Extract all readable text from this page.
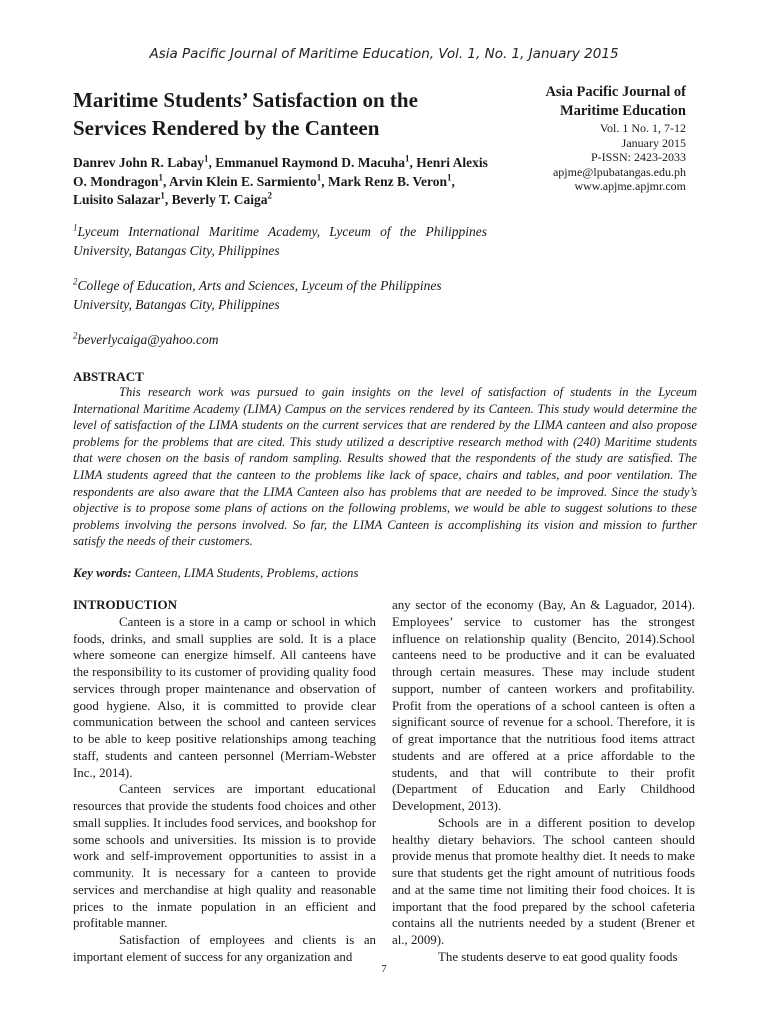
Asia Pacific Journal of Maritime Education, Vol. 1, No. 1, January 2015
Maritime Students’ Satisfaction on the Services Rendered by the Canteen
Asia Pacific Journal of Maritime Education
Vol. 1 No. 1, 7-12
January 2015
P-ISSN: 2423-2033
apjme@lpubatangas.edu.ph
www.apjme.apjmr.com
Danrev John R. Labay$^1$, Emmanuel Raymond D. Macuha$^1$, Henri Alexis O. Mondragon$^1$, Arvin Klein E. Sarmiento$^1$, Mark Renz B. Veron$^1$, Luisito Salazar$^1$, Beverly T. Caiga$^2$
$^1$Lyceum International Maritime Academy, Lyceum of the Philippines University, Batangas City, Philippines
$^2$College of Education, Arts and Sciences, Lyceum of the Philippines University, Batangas City, Philippines
$^2$beverlycaiga@yahoo.com
ABSTRACT

This research work was pursued to gain insights on the level of satisfaction of students in the Lyceum International Maritime Academy (LIMA) Campus on the services rendered by its Canteen. This study would determine the level of satisfaction of the LIMA students on the current services that are rendered by the LIMA canteen and also propose problems for the problems that are cited. This study utilized a descriptive research method with (240) Maritime students that were chosen on the basis of random sampling. Results showed that the respondents of the study are satisfied. The LIMA students agreed that the canteen to the problems like lack of space, chairs and tables, and poor ventilation. The respondents are also aware that the LIMA Canteen also has problems that are needed to be improved. Since the study’s objective is to propose some plans of actions on the following problems, we would be able to suggest solutions to these problems involving the persons involved. So far, the LIMA Canteen is accomplishing its vision and mission to further satisfy the needs of their customers.

Key words: Canteen, LIMA Students, Problems, actions
INTRODUCTION

Canteen is a store in a camp or school in which foods, drinks, and small supplies are sold. It is a place where someone can energize himself. All canteens have the responsibility to its customer of providing quality food services through proper maintenance and observation of good hygiene. Also, it is committed to provide clear communication between the school and canteen services to be able to keep positive relationships among teaching staff, students and canteen personnel (Merriam-Webster Inc., 2014).

Canteen services are important educational resources that provide the students food choices and other small supplies. It includes food services, and bookshop for some schools and universities. Its mission is to provide work and self-improvement opportunities to assist in a community. It is necessary for a canteen to provide services and merchandise at high quality and reasonable prices to the inmate population in an efficient and profitable manner.

Satisfaction of employees and clients is an important element of success for any organization and

any sector of the economy (Bay, An & Laguador, 2014). Employees’ service to customer has the strongest influence on relationship quality (Bencito, 2014).School canteens need to be productive and it can be evaluated through certain measures. These may include student support, number of canteen workers and profitability. Profit from the operations of a school canteen is often a significant source of revenue for a school. Therefore, it is of great importance that the nutritious food items attract students and are offered at a price affordable to the students, and that will contribute to their profit (Department of Education and Early Childhood Development, 2013).

Schools are in a different position to develop healthy dietary behaviors. The school canteen should provide menus that promote healthy diet. It needs to make sure that students get the right amount of nutritious foods and at the same time not limiting their food choices. It is important that the food prepared by the school cafeteria contains all the nutrients needed by a student (Brener et al., 2009).

The students deserve to eat good quality foods

7
